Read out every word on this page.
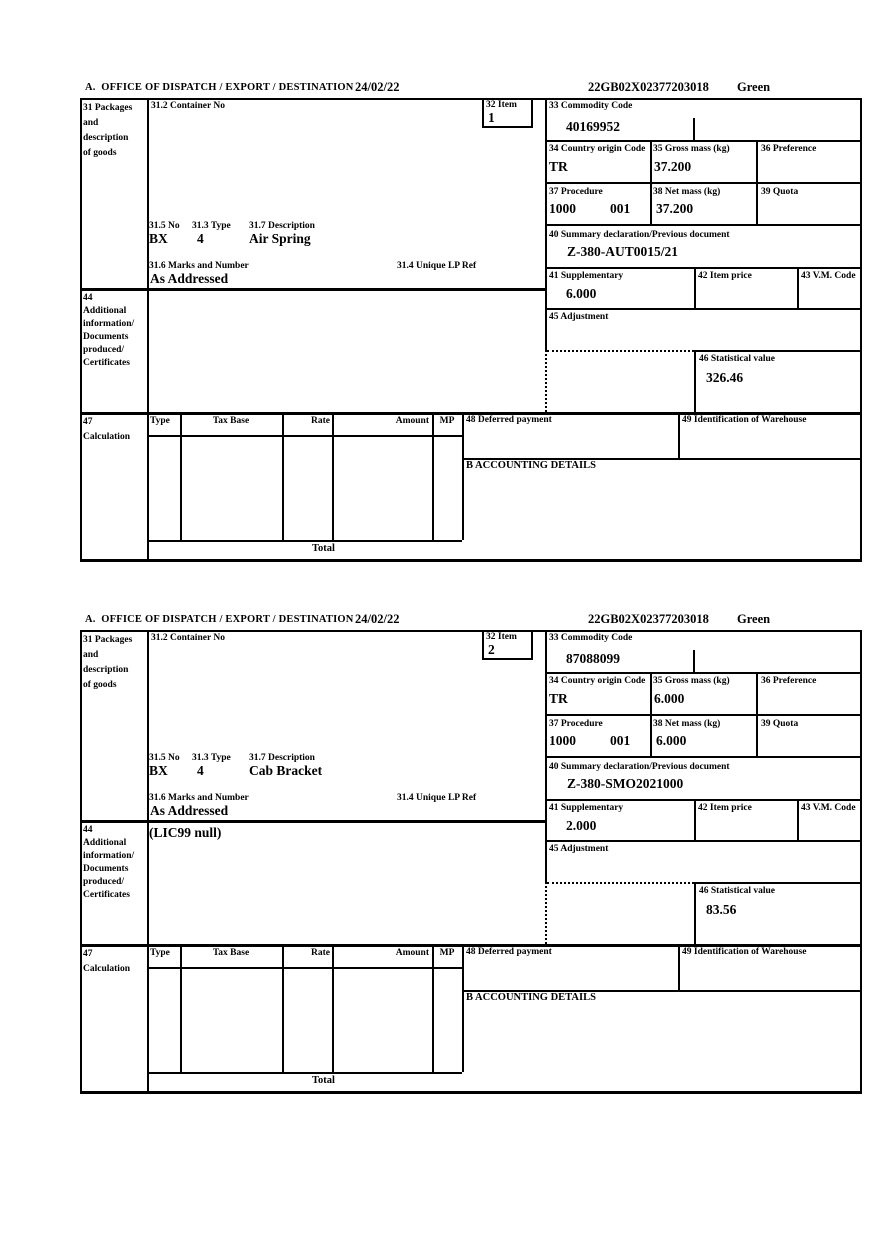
A.  OFFICE OF DISPATCH / EXPORT / DESTINATION 24/02/22	22GB02X02377203018 Green
31 Packages
and
description
of goods
31.2 Container No	32 Item
1
33 Commodity Code
40169952
34 Country origin Code
TR
35 Gross mass (kg)
37.200
36 Preference
37 Procedure
1000	001
38 Net mass (kg)
37.200
39 Quota
40 Summary declaration/Previous document
Z-380-AUT0015/21
41 Supplementary
6.000
42 Item price	43 V.M. Code
45 Adjustment
46 Statistical value
326.46
31.5 No 31.3 Type 31.7 Description
BX 4	Air Spring
31.6 Marks and Number
As Addressed
31.4 Unique LP Ref
44
Additional
information/
Documents
produced/
Certificates
47
Calculation
Type	Tax Base	Rate	Amount	MP	48 Deferred payment	49 Identification of Warehouse
B ACCOUNTING DETAILS
Total
A.  OFFICE OF DISPATCH / EXPORT / DESTINATION 24/02/22	22GB02X02377203018 Green
31 Packages
and
description
of goods
31.2 Container No	32 Item
2
33 Commodity Code
87088099
34 Country origin Code
TR
35 Gross mass (kg)
6.000
36 Preference
37 Procedure
1000	001
38 Net mass (kg)
6.000
39 Quota
40 Summary declaration/Previous document
Z-380-SMO2021000
41 Supplementary
2.000
42 Item price	43 V.M. Code
45 Adjustment
46 Statistical value
83.56
31.5 No 31.3 Type 31.7 Description
BX 4	Cab Bracket
31.6 Marks and Number
As Addressed
31.4 Unique LP Ref
(LIC99 null)
44
Additional
information/
Documents
produced/
Certificates
47
Calculation
Type	Tax Base	Rate	Amount	MP	48 Deferred payment	49 Identification of Warehouse
B ACCOUNTING DETAILS
Total
